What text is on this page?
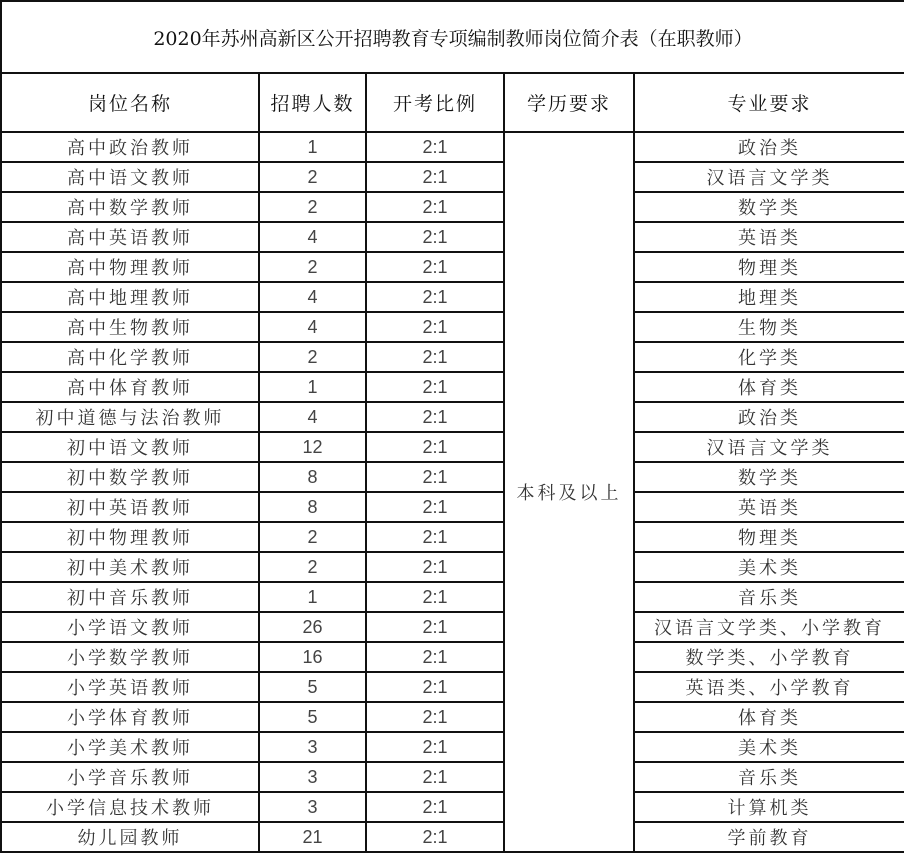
2020年苏州高新区公开招聘教育专项编制教师岗位简介表（在职教师）				
岗位名称	招聘人数	开考比例	学历要求	专业要求
高中政治教师	1	2:1	本科及以上	政治类
高中语文教师	2	2:1		汉语言文学类
高中数学教师	2	2:1		数学类
高中英语教师	4	2:1		英语类
高中物理教师	2	2:1		物理类
高中地理教师	4	2:1		地理类
高中生物教师	4	2:1		生物类
高中化学教师	2	2:1		化学类
高中体育教师	1	2:1		体育类
初中道德与法治教师	4	2:1		政治类
初中语文教师	12	2:1		汉语言文学类
初中数学教师	8	2:1		数学类
初中英语教师	8	2:1		英语类
初中物理教师	2	2:1		物理类
初中美术教师	2	2:1		美术类
初中音乐教师	1	2:1		音乐类
小学语文教师	26	2:1		汉语言文学类、小学教育
小学数学教师	16	2:1		数学类、小学教育
小学英语教师	5	2:1		英语类、小学教育
小学体育教师	5	2:1		体育类
小学美术教师	3	2:1		美术类
小学音乐教师	3	2:1		音乐类
小学信息技术教师	3	2:1		计算机类
幼儿园教师	21	2:1		学前教育
